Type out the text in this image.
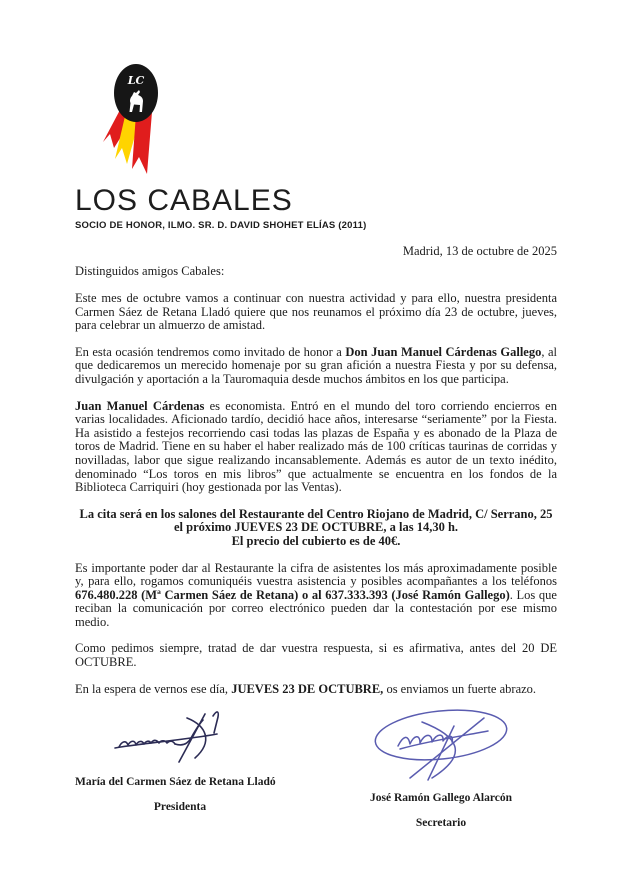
LC
LOS CABALES
SOCIO DE HONOR, ILMO. SR. D. DAVID SHOHET ELÍAS (2011)
Madrid, 13 de octubre de 2025
Distinguidos amigos Cabales:

Este mes de octubre vamos a continuar con nuestra actividad y para ello, nuestra presidenta Carmen Sáez de Retana Lladó quiere que nos reunamos el próximo día 23 de octubre, jueves, para celebrar un almuerzo de amistad.

En esta ocasión tendremos como invitado de honor a Don Juan Manuel Cárdenas Gallego, al que dedicaremos un merecido homenaje por su gran afición a nuestra Fiesta y por su defensa, divulgación y aportación a la Tauromaquia desde muchos ámbitos en los que participa.

Juan Manuel Cárdenas es economista. Entró en el mundo del toro corriendo encierros en varias localidades. Aficionado tardío, decidió hace años, interesarse “seriamente” por la Fiesta. Ha asistido a festejos recorriendo casi todas las plazas de España y es abonado de la Plaza de toros de Madrid. Tiene en su haber el haber realizado más de 100 críticas taurinas de corridas y novilladas, labor que sigue realizando incansablemente. Además es autor de un texto inédito, denominado “Los toros en mis libros” que actualmente se encuentra en los fondos de la Biblioteca Carriquiri (hoy gestionada por las Ventas).

La cita será en los salones del Restaurante del Centro Riojano de Madrid, C/ Serrano, 25 el próximo JUEVES 23 DE OCTUBRE, a las 14,30 h.
El precio del cubierto es de 40€.

Es importante poder dar al Restaurante la cifra de asistentes los más aproximadamente posible y, para ello, rogamos comuniquéis vuestra asistencia y posibles acompañantes a los teléfonos 676.480.228 (Mª Carmen Sáez de Retana) o al 637.333.393 (José Ramón Gallego). Los que reciban la comunicación por correo electrónico pueden dar la contestación por ese mismo medio.

Como pedimos siempre, tratad de dar vuestra respuesta, si es afirmativa, antes del 20 DE OCTUBRE.

En la espera de vernos ese día, JUEVES 23 DE OCTUBRE, os enviamos un fuerte abrazo.

María del Carmen Sáez de Retana Lladó
Presidenta
José Ramón Gallego Alarcón
Secretario
